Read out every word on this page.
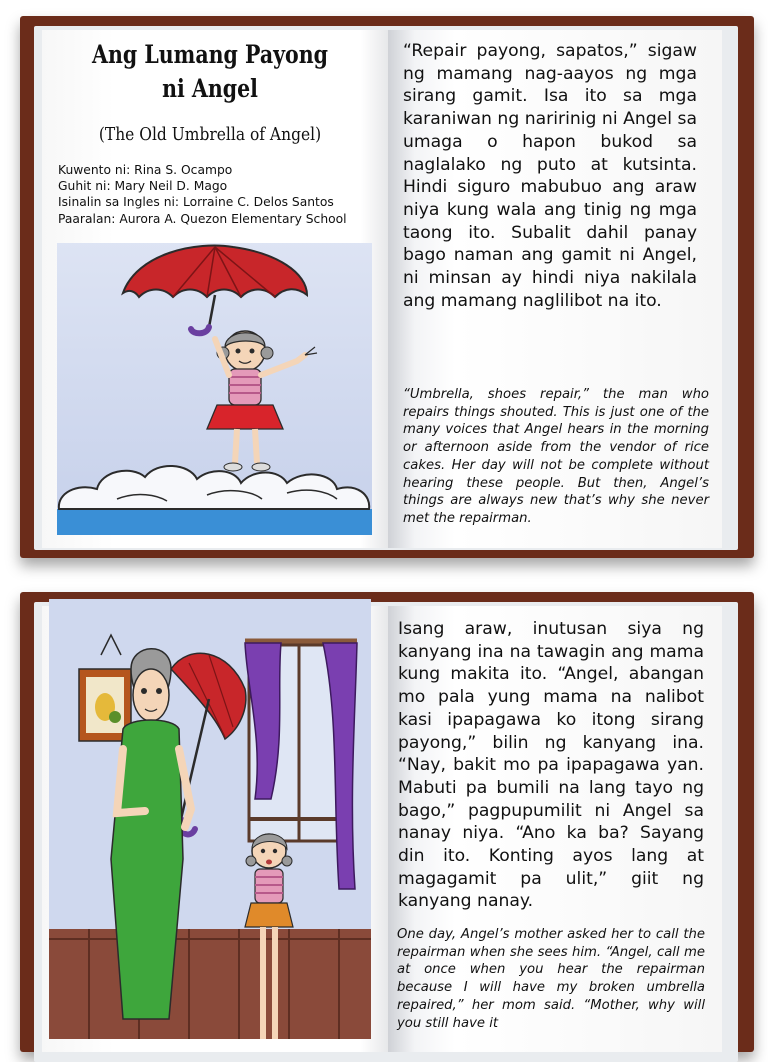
Ang Lumang Payong ni Angel
(The Old Umbrella of Angel)
Kuwento ni: Rina S. Ocampo
Guhit ni: Mary Neil D. Mago
Isinalin sa Ingles ni: Lorraine C. Delos Santos
Paaralan: Aurora A. Quezon Elementary School
“Repair payong, sapatos,” sigaw ng mamang nag-aayos ng mga sirang gamit. Isa ito sa mga karaniwan ng naririnig ni Angel sa umaga o hapon bukod sa naglalako ng puto at kutsinta. Hindi siguro mabubuo ang araw niya kung wala ang tinig ng mga taong ito. Subalit dahil panay bago naman ang gamit ni Angel, ni minsan ay hindi niya nakilala ang mamang naglilibot na ito.
“Umbrella, shoes repair,” the man who repairs things shouted. This is just one of the many voices that Angel hears in the morning or afternoon aside from the vendor of rice cakes. Her day will not be complete without hearing these people. But then, Angel’s things are always new that’s why she never met the repairman.
Isang araw, inutusan siya ng kanyang ina na tawagin ang mama kung makita ito. “Angel, abangan mo pala yung mama na nalibot kasi ipapagawa ko itong sirang payong,” bilin ng kanyang ina. “Nay, bakit mo pa ipapagawa yan. Mabuti pa bumili na lang tayo ng bago,” pagpupumilit ni Angel sa nanay niya. “Ano ka ba? Sayang din ito. Konting ayos lang at magagamit pa ulit,” giit ng kanyang nanay.
One day, Angel’s mother asked her to call the repairman when she sees him. “Angel, call me at once when you hear the repairman because I will have my broken umbrella repaired,” her mom said. “Mother, why will you still have it
